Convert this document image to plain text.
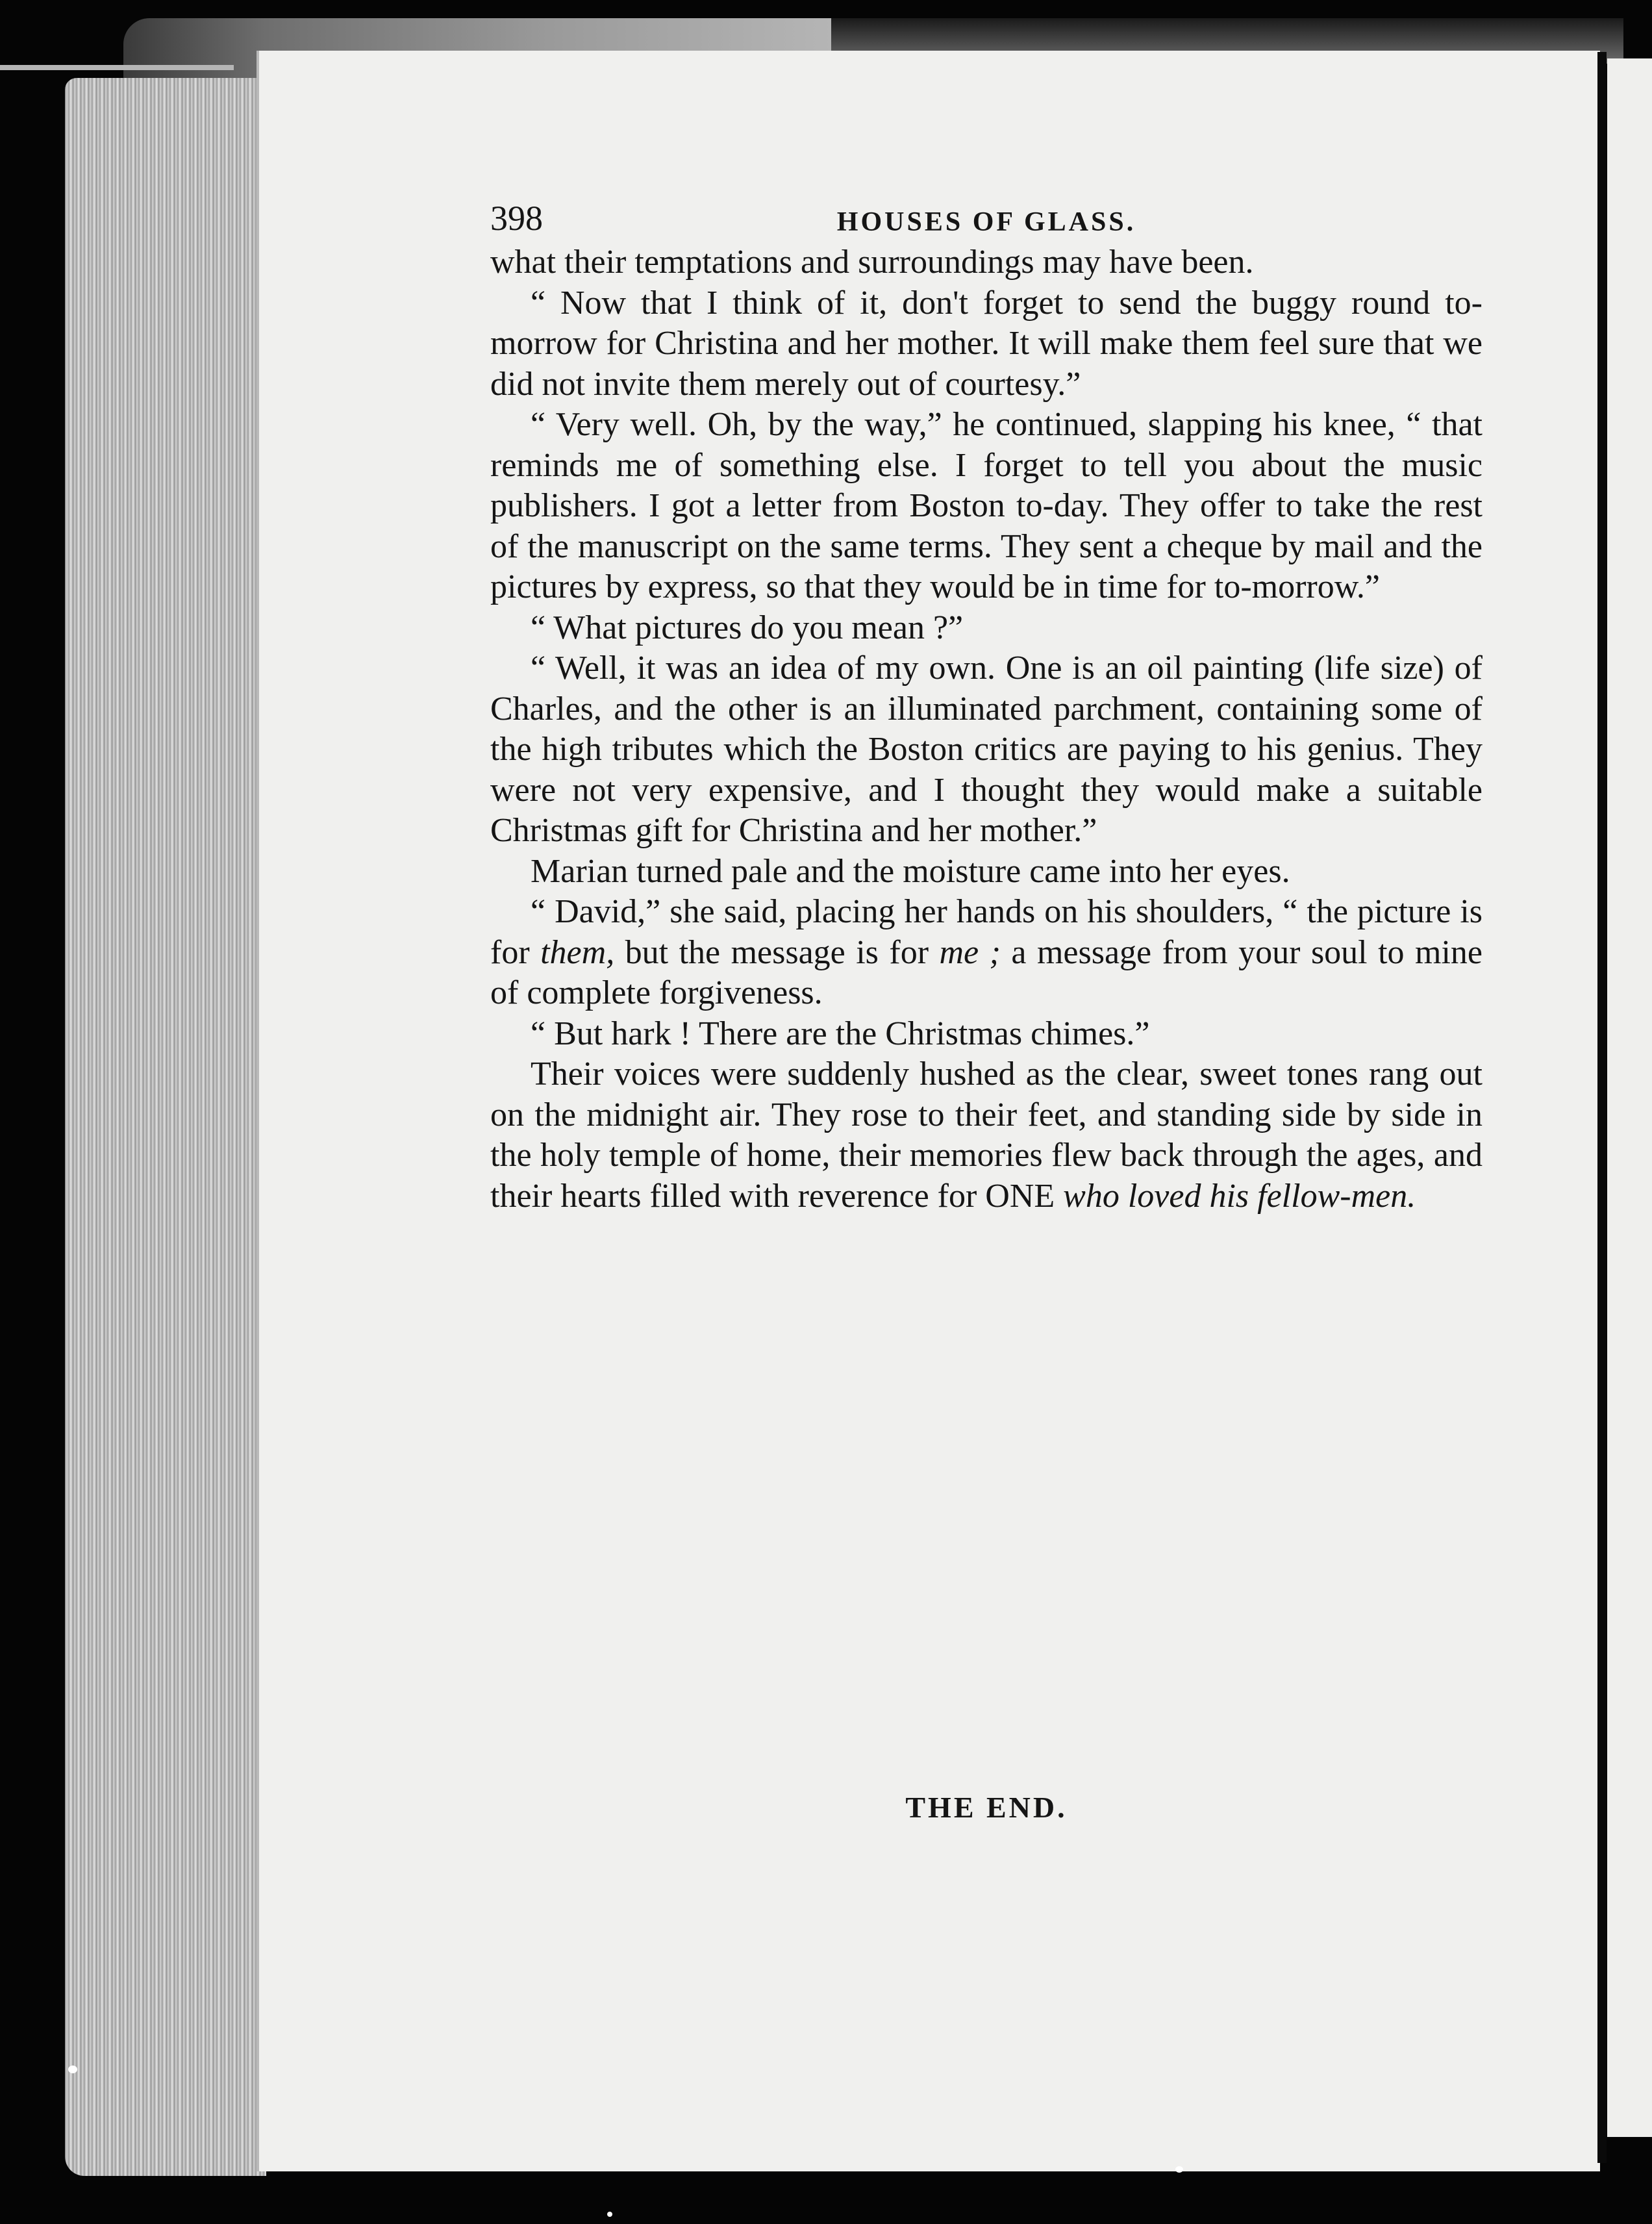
398	HOUSES OF GLASS.

what their temptations and surroundings may have been.

“ Now that I think of it, don't forget to send the buggy round to-morrow for Christina and her mother. It will make them feel sure that we did not invite them merely out of courtesy.”

“ Very well. Oh, by the way,” he continued, slapping his knee, “ that reminds me of something else. I forget to tell you about the music publishers. I got a letter from Boston to-day. They offer to take the rest of the manuscript on the same terms. They sent a cheque by mail and the pictures by express, so that they would be in time for to-morrow.”

“ What pictures do you mean ?”

“ Well, it was an idea of my own. One is an oil painting (life size) of Charles, and the other is an illuminated parchment, containing some of the high tributes which the Boston critics are paying to his genius. They were not very expensive, and I thought they would make a suitable Christmas gift for Christina and her mother.”

Marian turned pale and the moisture came into her eyes.

“ David,” she said, placing her hands on his shoulders, “ the picture is for them, but the message is for me ; a message from your soul to mine of complete forgiveness.

“ But hark ! There are the Christmas chimes.”

Their voices were suddenly hushed as the clear, sweet tones rang out on the midnight air. They rose to their feet, and standing side by side in the holy temple of home, their memories flew back through the ages, and their hearts filled with reverence for ONE who loved his fellow-men.

THE END.
